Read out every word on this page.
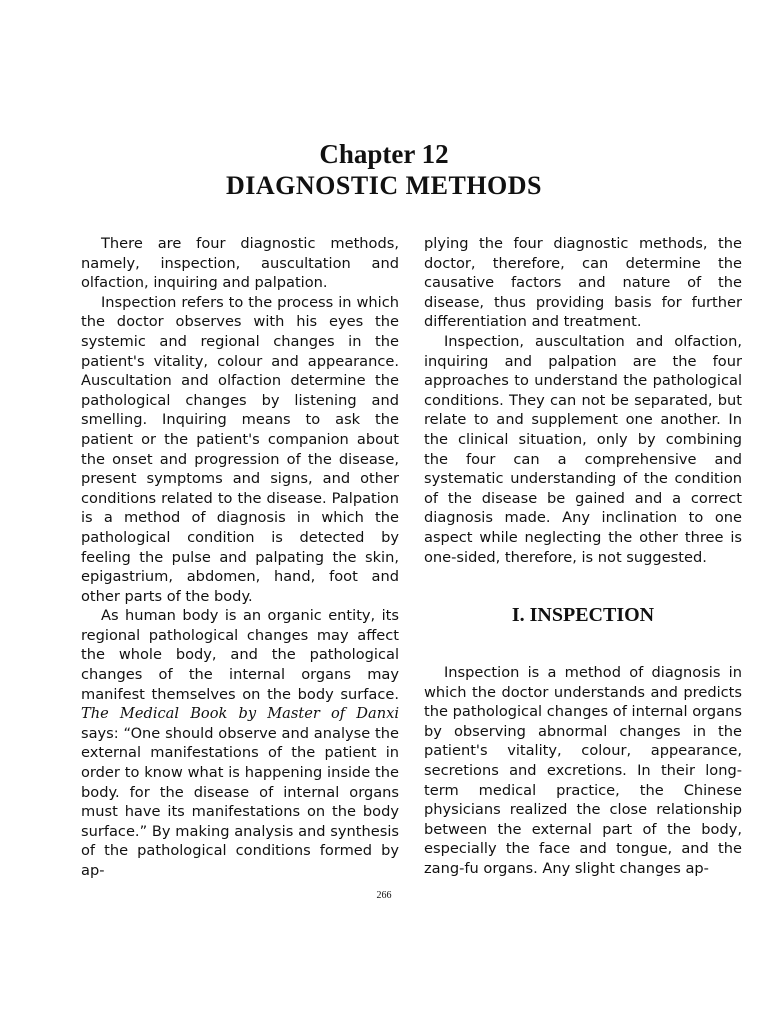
Chapter 12
DIAGNOSTIC METHODS

There are four diagnostic methods, namely, inspection, auscultation and olfaction, inquiring and palpation.

Inspection refers to the process in which the doctor observes with his eyes the systemic and regional changes in the patient's vitality, colour and appearance. Auscultation and olfaction determine the pathological changes by listening and smelling. Inquiring means to ask the patient or the patient's companion about the onset and progression of the disease, present symptoms and signs, and other conditions related to the disease. Palpation is a method of diagnosis in which the pathological condition is detected by feeling the pulse and palpating the skin, epigastrium, abdomen, hand, foot and other parts of the body.

As human body is an organic entity, its regional pathological changes may affect the whole body, and the pathological changes of the internal organs may manifest themselves on the body surface. The Medical Book by Master of Danxi says: “One should observe and analyse the external manifestations of the patient in order to know what is happening inside the body. for the disease of internal organs must have its manifestations on the body surface.” By making analysis and synthesis of the pathological conditions formed by ap-

plying the four diagnostic methods, the doctor, therefore, can determine the causative factors and nature of the disease, thus providing basis for further differentiation and treatment.

Inspection, auscultation and olfaction, inquiring and palpation are the four approaches to understand the pathological conditions. They can not be separated, but relate to and supplement one another. In the clinical situation, only by combining the four can a comprehensive and systematic understanding of the condition of the disease be gained and a correct diagnosis made. Any inclination to one aspect while neglecting the other three is one-sided, therefore, is not suggested.

I. INSPECTION

Inspection is a method of diagnosis in which the doctor understands and predicts the pathological changes of internal organs by observing abnormal changes in the patient's vitality, colour, appearance, secretions and excretions. In their long-term medical practice, the Chinese physicians realized the close relationship between the external part of the body, especially the face and tongue, and the zang-fu organs. Any slight changes ap-

266
